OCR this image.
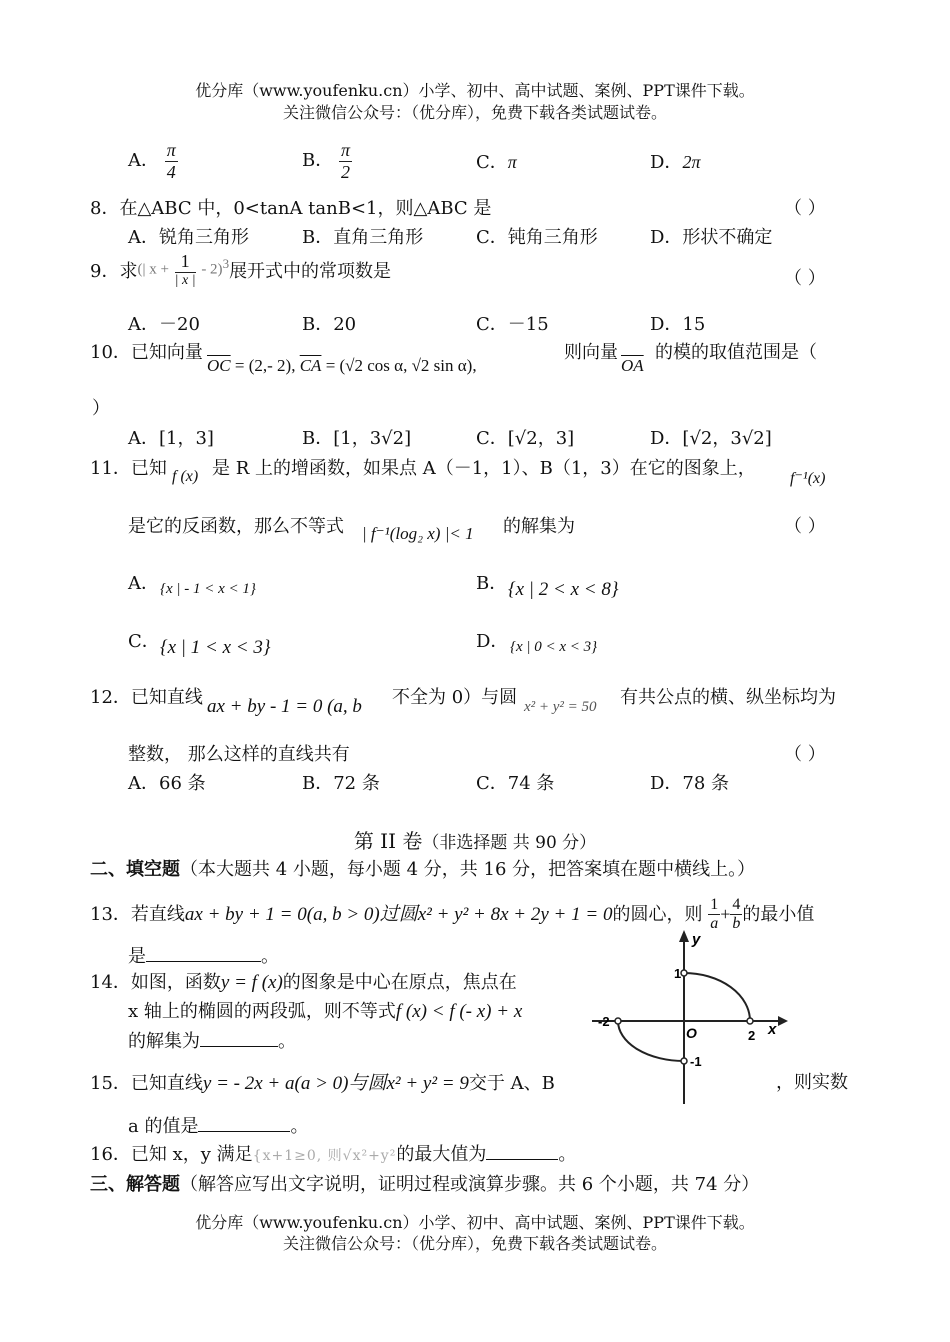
优分库（www.youfenku.cn）小学、初中、高中试题、案例、PPT课件下载。
关注微信公众号：（优分库），免费下载各类试题试卷。
A． $\frac{\pi}{4}$	B． $\frac{\pi}{2}$	C．π	D．2π
8．在△ABC 中，0<tanA tanB<1，则△ABC 是	（ ）
A．锐角三角形	B．直角三角形	C．钝角三角形	D．形状不确定
9．求(| $x + \frac{1}{| x |} - 2)^3$展开式中的常项数是	（ ）
A．－20	B．20	C．－15	D．15
10．已知向量
$\overline{OC} = (2,-$ 2), $\overline{CA} = (√2$ cos α, √2 sin α),
则向量
$\overline{OA}$
的模的取值范围是（
）
A．[1，3]	B．[1，3√2]	C．[√2，3]	D．[√2，3√2]
11．已知 f (x) 是 R 上的增函数，如果点 A（－1，1）、B（1，3）在它的图象上， f⁻¹(x)
是它的反函数，那么不等式 | f⁻¹(log₂ x) |< 1 的解集为	（ ）
A． {x | - 1 < x < 1}	B． {x | 2 < x < 8}
C． {x | 1 < x < 3}	D． {x | 0 < x < 3}
12．已知直线 ax + by - 1 = 0 (a, b 不全为 0）与圆 x² + y² = 50 有共公点的横、纵坐标均为
整数， 那么这样的直线共有	（ ）
A．66 条	B．72 条	C．74 条	D．78 条
第 II 卷（非选择题 共 90 分）
二、填空题（本大题共 4 小题，每小题 4 分，共 16 分，把答案填在题中横线上。）
13．若直线ax + by + 1 = 0(a, b > 0)过圆x² + y² + 8x + 2y + 1 = 0的圆心，则 $\frac{1}{a} + \frac{4}{b}$ 的最小值
是	。
14．如图，函数y = f (x)的图象是中心在原点，焦点在
x 轴上的椭圆的两段弧，则不等式f (x) < f (- x) + x
的解集为	。
y
x
1
2
-2
-1
O
15．已知直线y = - 2x + a(a > 0)与圆x² + y² = 9交于 A、B	，则实数
a 的值是	。
16．已知 x，y 满足{x+1≥0, 则√x²+y²的最大值为	。
三、解答题（解答应写出文字说明，证明过程或演算步骤。共 6 个小题，共 74 分）
优分库（www.youfenku.cn）小学、初中、高中试题、案例、PPT课件下载。
关注微信公众号：（优分库），免费下载各类试题试卷。
